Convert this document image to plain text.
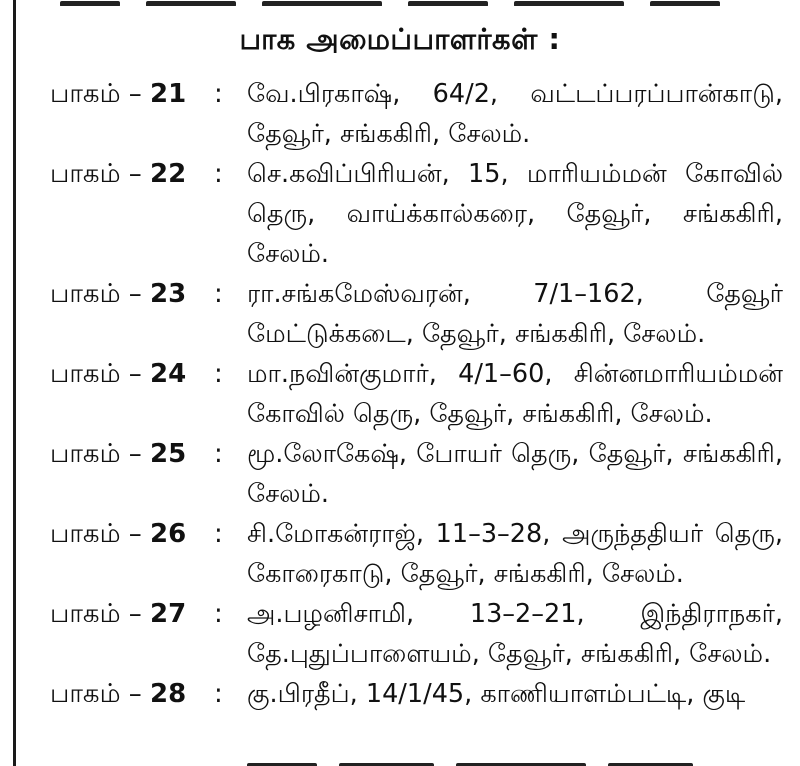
பாக அமைப்பாளர்கள் :
பாகம் – 21 : வே.பிரகாஷ், 64/2, வட்டப்பரப்பான்காடு, தேவூர், சங்ககிரி, சேலம்.
பாகம் – 22 : செ.கவிப்பிரியன், 15, மாரியம்மன் கோவில் தெரு, வாய்க்கால்கரை, தேவூர், சங்ககிரி, சேலம்.
பாகம் – 23 : ரா.சங்கமேஸ்வரன், 7/1–162, தேவூர் மேட்டுக்கடை, தேவூர், சங்ககிரி, சேலம்.
பாகம் – 24 : மா.நவின்குமார், 4/1–60, சின்னமாரியம்மன் கோவில் தெரு, தேவூர், சங்ககிரி, சேலம்.
பாகம் – 25 : மூ.லோகேஷ், போயர் தெரு, தேவூர், சங்ககிரி, சேலம்.
பாகம் – 26 : சி.மோகன்ராஜ், 11–3–28, அருந்ததியர் தெரு, கோரைகாடு, தேவூர், சங்ககிரி, சேலம்.
பாகம் – 27 : அ.பழனிசாமி, 13–2–21, இந்திராநகர், தே.புதுப்பாளையம், தேவூர், சங்ககிரி, சேலம்.
பாகம் – 28 : கு.பிரதீப், 14/1/45, காணியாளம்பட்டி, குடி
